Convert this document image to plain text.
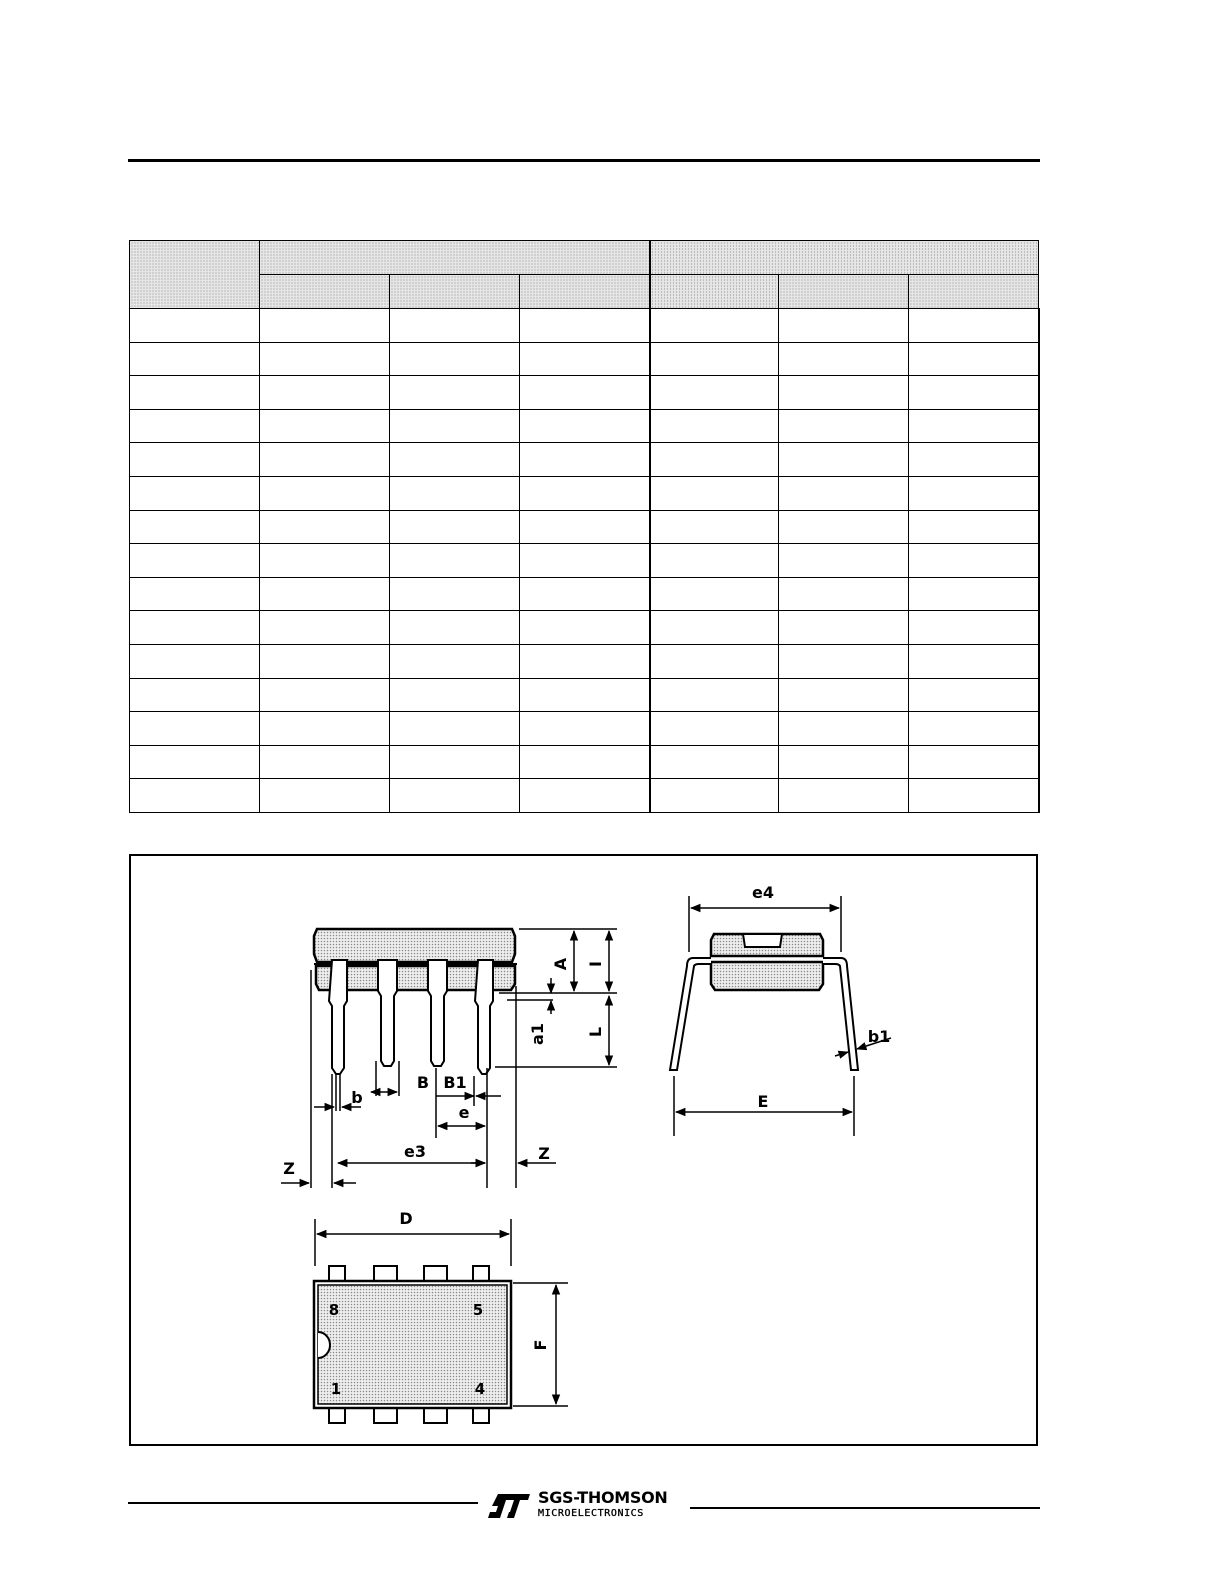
A I
a1 L
b
B B1
e
e3
Z
Z
e4
E
b1
D
8	5
1	4
F
SGS-THOMSON
MICROELECTRONICS
